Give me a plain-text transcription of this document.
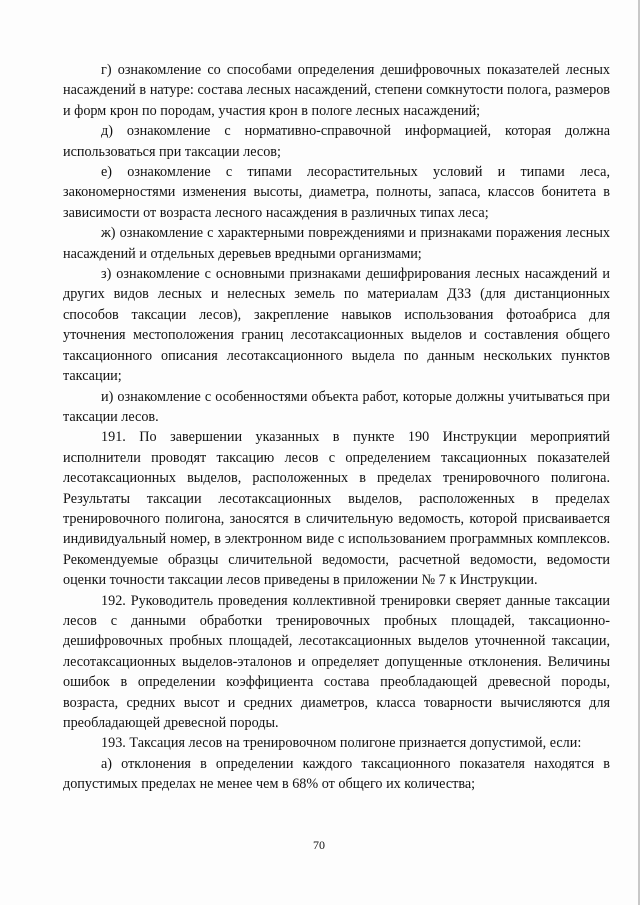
г) ознакомление со способами определения дешифровочных показателей лесных насаждений в натуре: состава лесных насаждений, степени сомкнутости полога, размеров и форм крон по породам, участия крон в пологе лесных насаждений;

д) ознакомление с нормативно-справочной информацией, которая должна использоваться при таксации лесов;

е) ознакомление с типами лесорастительных условий и типами леса, закономерностями изменения высоты, диаметра, полноты, запаса, классов бонитета в зависимости от возраста лесного насаждения в различных типах леса;

ж) ознакомление с характерными повреждениями и признаками поражения лесных насаждений и отдельных деревьев вредными организмами;

з) ознакомление с основными признаками дешифрирования лесных насаждений и других видов лесных и нелесных земель по материалам ДЗЗ (для дистанционных способов таксации лесов), закрепление навыков использования фотоабриса для уточнения местоположения границ лесотаксационных выделов и составления общего таксационного описания лесотаксационного выдела по данным нескольких пунктов таксации;

и) ознакомление с особенностями объекта работ, которые должны учитываться при таксации лесов.

191. По завершении указанных в пункте 190 Инструкции мероприятий исполнители проводят таксацию лесов с определением таксационных показателей лесотаксационных выделов, расположенных в пределах тренировочного полигона. Результаты таксации лесотаксационных выделов, расположенных в пределах тренировочного полигона, заносятся в сличительную ведомость, которой присваивается индивидуальный номер, в электронном виде с использованием программных комплексов. Рекомендуемые образцы сличительной ведомости, расчетной ведомости, ведомости оценки точности таксации лесов приведены в приложении № 7 к Инструкции.

192. Руководитель проведения коллективной тренировки сверяет данные таксации лесов с данными обработки тренировочных пробных площадей, таксационно-дешифровочных пробных площадей, лесотаксационных выделов уточненной таксации, лесотаксационных выделов-эталонов и определяет допущенные отклонения. Величины ошибок в определении коэффициента состава преобладающей древесной породы, возраста, средних высот и средних диаметров, класса товарности вычисляются для преобладающей древесной породы.

193. Таксация лесов на тренировочном полигоне признается допустимой, если:

а) отклонения в определении каждого таксационного показателя находятся в допустимых пределах не менее чем в 68% от общего их количества;

70
